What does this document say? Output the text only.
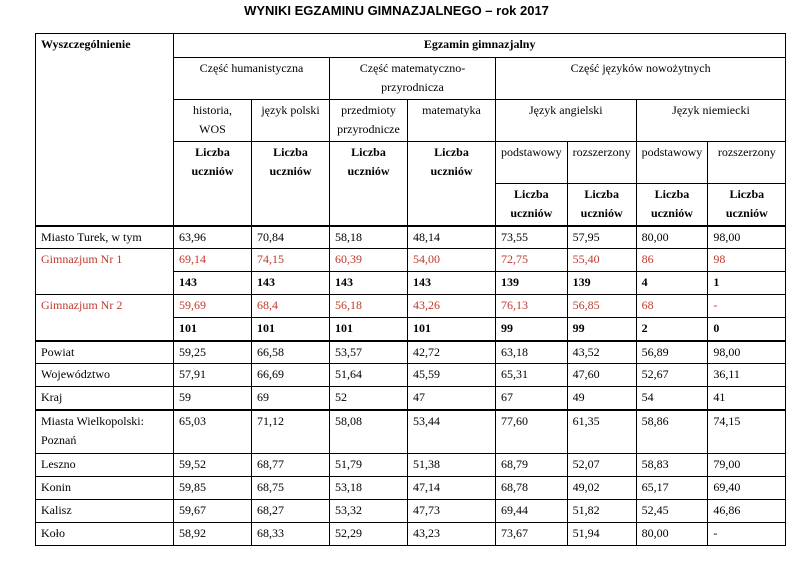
WYNIKI EGZAMINU GIMNAZJALNEGO – rok 2017
Wyszczególnienie	Egzamin gimnazjalny							
	Część humanistyczna		Część matematyczno-przyrodnicza		Część języków nowożytnych			
	historia, WOS	język polski	przedmioty przyrodnicze	matematyka	Język angielski		Język niemiecki	
	Liczba uczniów	Liczba uczniów	Liczba uczniów	Liczba uczniów	podstawowy	rozszerzony	podstawowy	rozszerzony
					Liczba uczniów	Liczba uczniów	Liczba uczniów	Liczba uczniów
Miasto Turek, w tym	63,96	70,84	58,18	48,14	73,55	57,95	80,00	98,00
Gimnazjum Nr 1	69,14	74,15	60,39	54,00	72,75	55,40	86	98
	143	143	143	143	139	139	4	1
Gimnazjum Nr 2	59,69	68,4	56,18	43,26	76,13	56,85	68	-
	101	101	101	101	99	99	2	0
Powiat	59,25	66,58	53,57	42,72	63,18	43,52	56,89	98,00
Województwo	57,91	66,69	51,64	45,59	65,31	47,60	52,67	36,11
Kraj	59	69	52	47	67	49	54	41
Miasta Wielkopolski: Poznań	65,03	71,12	58,08	53,44	77,60	61,35	58,86	74,15
Leszno	59,52	68,77	51,79	51,38	68,79	52,07	58,83	79,00
Konin	59,85	68,75	53,18	47,14	68,78	49,02	65,17	69,40
Kalisz	59,67	68,27	53,32	47,73	69,44	51,82	52,45	46,86
Koło	58,92	68,33	52,29	43,23	73,67	51,94	80,00	-
